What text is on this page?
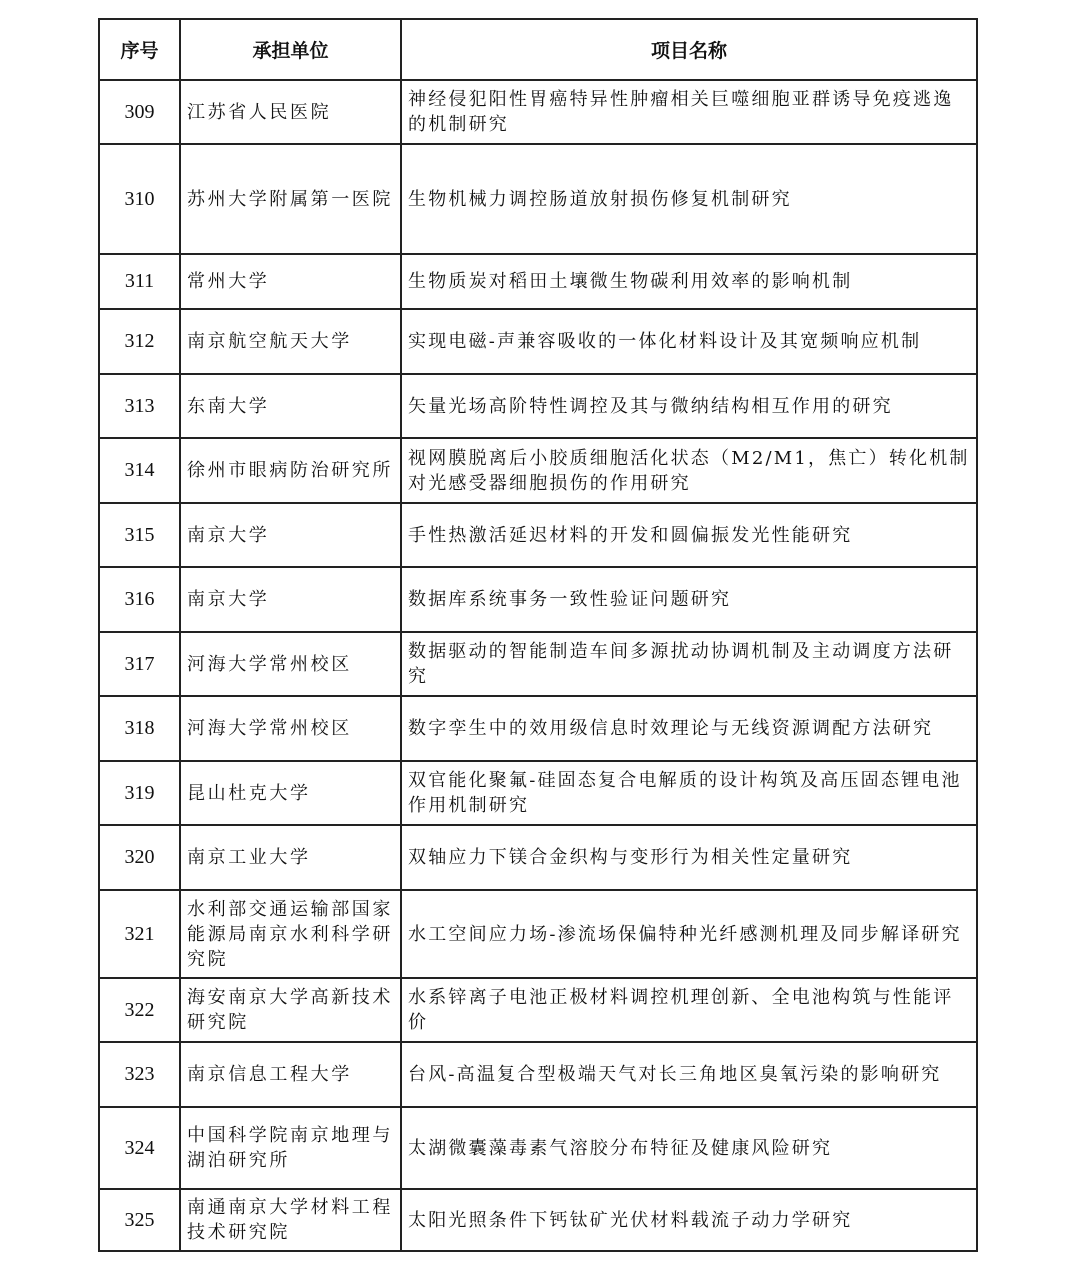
序号	承担单位	项目名称
309	江苏省人民医院	神经侵犯阳性胃癌特异性肿瘤相关巨噬细胞亚群诱导免疫逃逸的机制研究
310	苏州大学附属第一医院	生物机械力调控肠道放射损伤修复机制研究
311	常州大学	生物质炭对稻田土壤微生物碳利用效率的影响机制
312	南京航空航天大学	实现电磁-声兼容吸收的一体化材料设计及其宽频响应机制
313	东南大学	矢量光场高阶特性调控及其与微纳结构相互作用的研究
314	徐州市眼病防治研究所	视网膜脱离后小胶质细胞活化状态（M2/M1，焦亡）转化机制对光感受器细胞损伤的作用研究
315	南京大学	手性热激活延迟材料的开发和圆偏振发光性能研究
316	南京大学	数据库系统事务一致性验证问题研究
317	河海大学常州校区	数据驱动的智能制造车间多源扰动协调机制及主动调度方法研究
318	河海大学常州校区	数字孪生中的效用级信息时效理论与无线资源调配方法研究
319	昆山杜克大学	双官能化聚氟-硅固态复合电解质的设计构筑及高压固态锂电池作用机制研究
320	南京工业大学	双轴应力下镁合金织构与变形行为相关性定量研究
321	水利部交通运输部国家能源局南京水利科学研究院	水工空间应力场-渗流场保偏特种光纤感测机理及同步解译研究
322	海安南京大学高新技术研究院	水系锌离子电池正极材料调控机理创新、全电池构筑与性能评价
323	南京信息工程大学	台风-高温复合型极端天气对长三角地区臭氧污染的影响研究
324	中国科学院南京地理与湖泊研究所	太湖微囊藻毒素气溶胶分布特征及健康风险研究
325	南通南京大学材料工程技术研究院	太阳光照条件下钙钛矿光伏材料载流子动力学研究
